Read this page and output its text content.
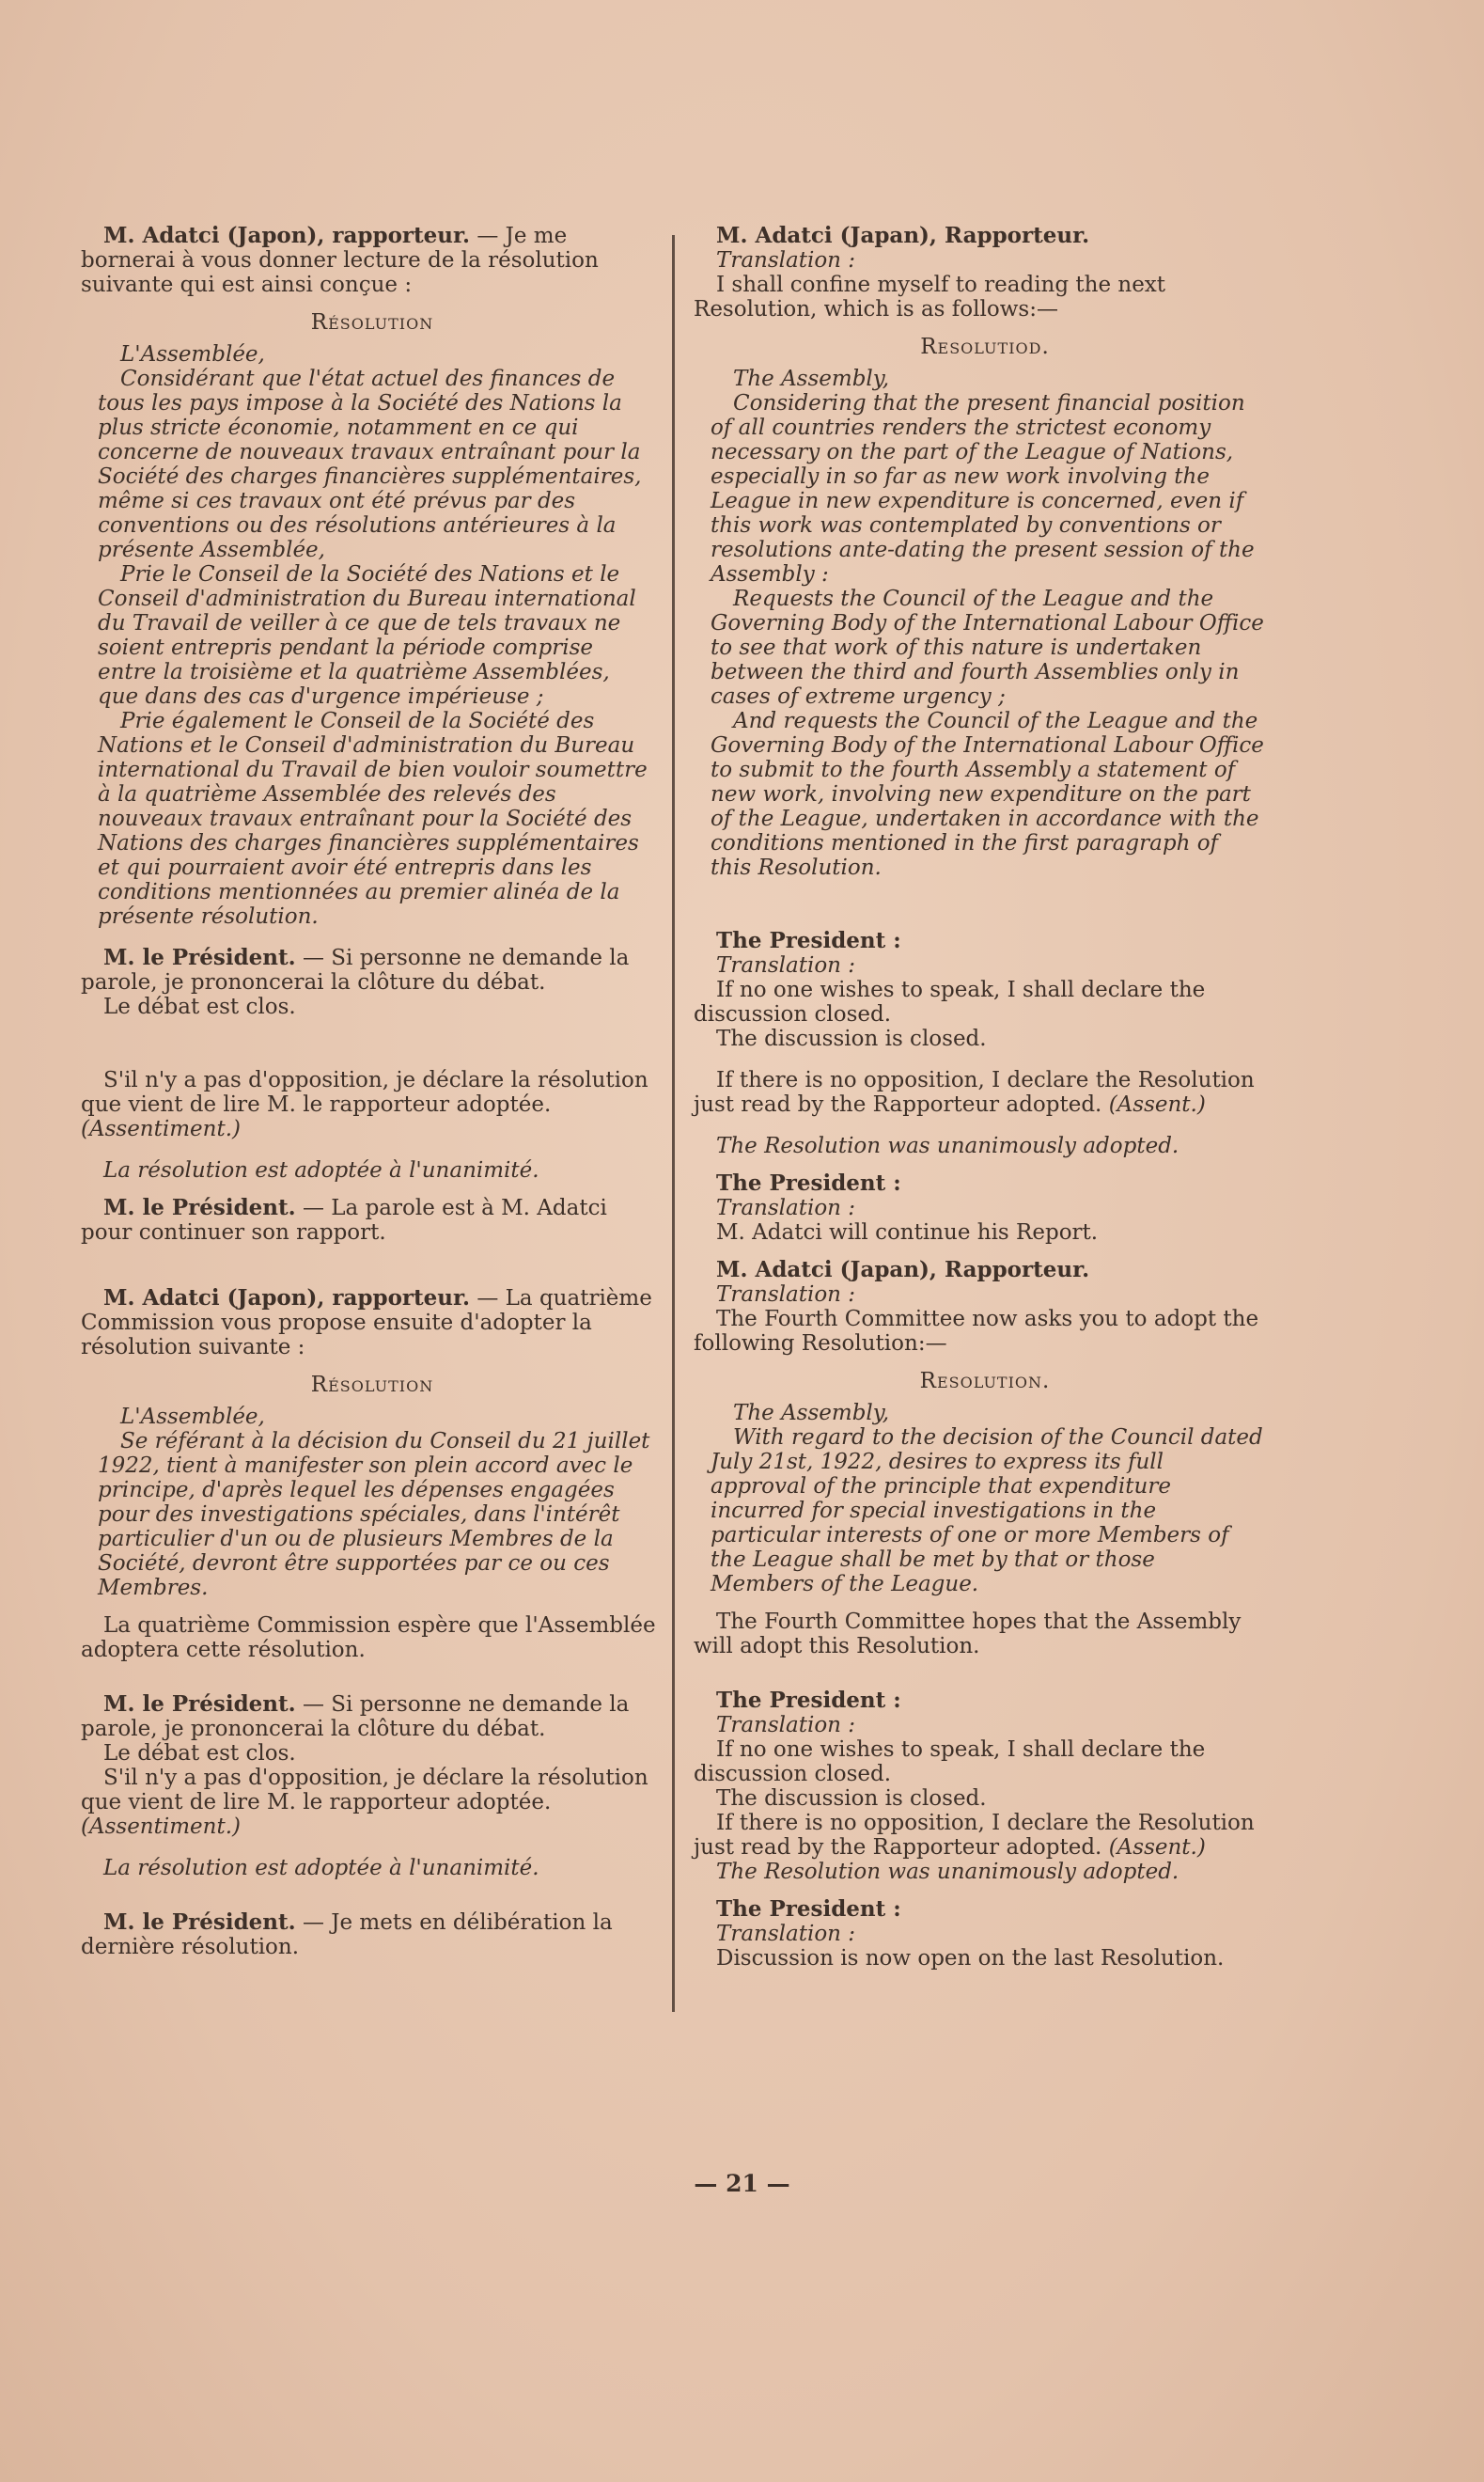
M. Adatci (Japon), rapporteur. — Je me bornerai à vous donner lecture de la résolution suivante qui est ainsi conçue :

Résolution

L'Assemblée,

Considérant que l'état actuel des finances de tous les pays impose à la Société des Nations la plus stricte économie, notamment en ce qui concerne de nouveaux travaux entraînant pour la Société des charges financières supplémentaires, même si ces travaux ont été prévus par des conventions ou des résolutions antérieures à la présente Assemblée,

Prie le Conseil de la Société des Nations et le Conseil d'administration du Bureau international du Travail de veiller à ce que de tels travaux ne soient entrepris pendant la période comprise entre la troisième et la quatrième Assemblées, que dans des cas d'urgence impérieuse ;

Prie également le Conseil de la Société des Nations et le Conseil d'administration du Bureau international du Travail de bien vouloir soumettre à la quatrième Assemblée des relevés des nouveaux travaux entraînant pour la Société des Nations des charges financières supplémentaires et qui pourraient avoir été entrepris dans les conditions mentionnées au premier alinéa de la présente résolution.

M. le Président. — Si personne ne demande la parole, je prononcerai la clôture du débat.

Le débat est clos.

S'il n'y a pas d'opposition, je déclare la résolution que vient de lire M. le rapporteur adoptée. (Assentiment.)

La résolution est adoptée à l'unanimité.

M. le Président. — La parole est à M. Adatci pour continuer son rapport.

M. Adatci (Japon), rapporteur. — La quatrième Commission vous propose ensuite d'adopter la résolution suivante :

Résolution

L'Assemblée,

Se référant à la décision du Conseil du 21 juillet 1922, tient à manifester son plein accord avec le principe, d'après lequel les dépenses engagées pour des investigations spéciales, dans l'intérêt particulier d'un ou de plusieurs Membres de la Société, devront être supportées par ce ou ces Membres.

La quatrième Commission espère que l'Assemblée adoptera cette résolution.

M. le Président. — Si personne ne demande la parole, je prononcerai la clôture du débat.

Le débat est clos.

S'il n'y a pas d'opposition, je déclare la résolution que vient de lire M. le rapporteur adoptée. (Assentiment.)

La résolution est adoptée à l'unanimité.

M. le Président. — Je mets en délibération la dernière résolution.

M. Adatci (Japan), Rapporteur.

Translation :

I shall confine myself to reading the next Resolution, which is as follows:—

Resolutiod.

The Assembly,

Considering that the present financial position of all countries renders the strictest economy necessary on the part of the League of Nations, especially in so far as new work involving the League in new expenditure is concerned, even if this work was contemplated by conventions or resolutions ante-dating the present session of the Assembly :

Requests the Council of the League and the Governing Body of the International Labour Office to see that work of this nature is undertaken between the third and fourth Assemblies only in cases of extreme urgency ;

And requests the Council of the League and the Governing Body of the International Labour Office to submit to the fourth Assembly a statement of new work, involving new expenditure on the part of the League, undertaken in accordance with the conditions mentioned in the first paragraph of this Resolution.

The President :

Translation :

If no one wishes to speak, I shall declare the discussion closed.

The discussion is closed.

If there is no opposition, I declare the Resolution just read by the Rapporteur adopted. (Assent.)

The Resolution was unanimously adopted.

The President :

Translation :

M. Adatci will continue his Report.

M. Adatci (Japan), Rapporteur.

Translation :

The Fourth Committee now asks you to adopt the following Resolution:—

Resolution.

The Assembly,

With regard to the decision of the Council dated July 21st, 1922, desires to express its full approval of the principle that expenditure incurred for special investigations in the particular interests of one or more Members of the League shall be met by that or those Members of the League.

The Fourth Committee hopes that the Assembly will adopt this Resolution.

The President :

Translation :

If no one wishes to speak, I shall declare the discussion closed.

The discussion is closed.

If there is no opposition, I declare the Resolution just read by the Rapporteur adopted. (Assent.)

The Resolution was unanimously adopted.

The President :

Translation :

Discussion is now open on the last Resolution.

— 21 —
